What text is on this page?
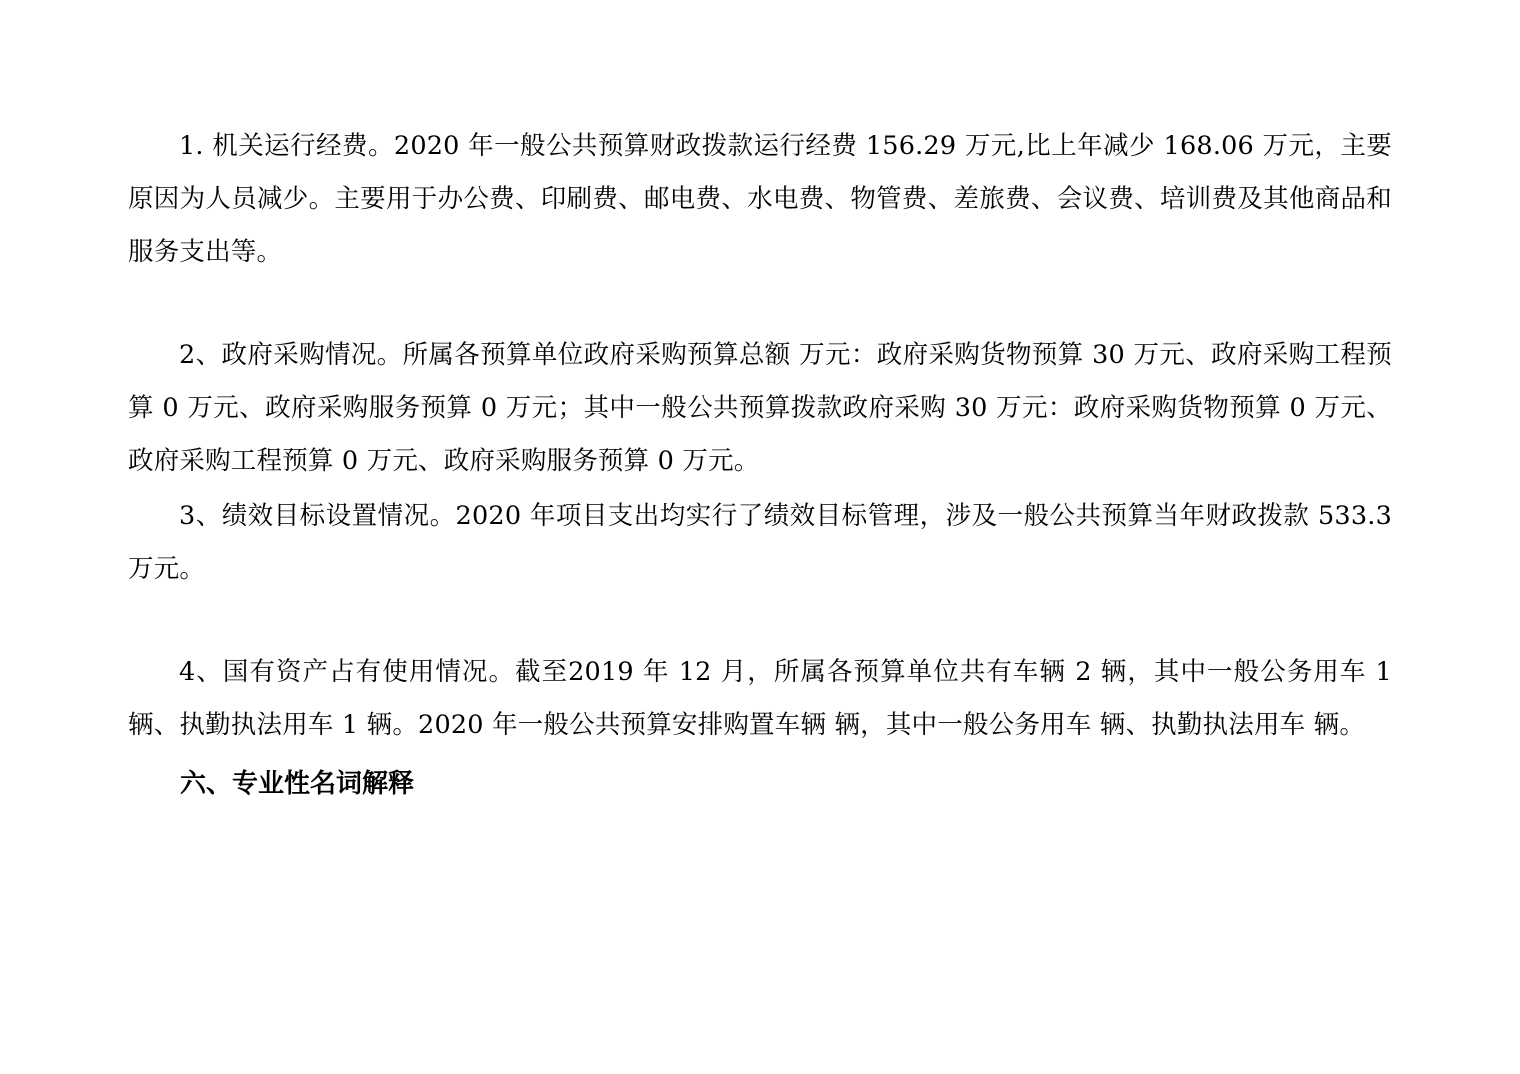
1. 机关运行经费。2020 年一般公共预算财政拨款运行经费 156.29 万元,比上年减少 168.06 万元，主要原因为人员减少。主要用于办公费、印刷费、邮电费、水电费、物管费、差旅费、会议费、培训费及其他商品和服务支出等。

2、政府采购情况。所属各预算单位政府采购预算总额 万元：政府采购货物预算 30 万元、政府采购工程预算 0 万元、政府采购服务预算 0 万元；其中一般公共预算拨款政府采购 30 万元：政府采购货物预算 0 万元、政府采购工程预算 0 万元、政府采购服务预算 0 万元。

3、绩效目标设置情况。2020 年项目支出均实行了绩效目标管理，涉及一般公共预算当年财政拨款 533.3 万元。

4、国有资产占有使用情况。截至2019 年 12 月，所属各预算单位共有车辆 2 辆，其中一般公务用车 1 辆、执勤执法用车 1 辆。2020 年一般公共预算安排购置车辆 辆，其中一般公务用车 辆、执勤执法用车 辆。

六、专业性名词解释
